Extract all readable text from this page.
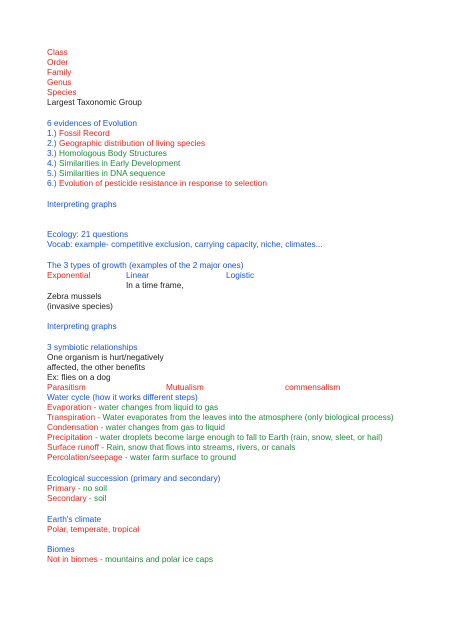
Class
Order
Family
Genus
Species
Largest Taxonomic Group
6 evidences of Evolution
1.) Fossil Record
2.) Geographic distribution of living species
3.) Homologous Body Structures
4.) Similarities in Early Development
5.) Similarities in DNA sequence
6.) Evolution of pesticide resistance in response to selection
Interpreting graphs
Ecology: 21 questions
Vocab: example- competitive exclusion, carrying capacity, niche, climates...
The 3 types of growth (examples of the 2 major ones)
Exponential	Linear	Logistic
In a time frame,
Zebra mussels
(invasive species)
Interpreting graphs
3 symbiotic relationships
One organism is hurt/negatively
affected, the other benefits
Ex: flies on a dog
Parasitism	Mutualism	commensalism
Water cycle (how it works different steps)
Evaporation - water changes from liquid to gas
Transpiration - Water evaporates from the leaves into the atmosphere (only biological process)
Condensation - water changes from gas to liquid
Precipitation - water droplets become large enough to fall to Earth (rain, snow, sleet, or hail)
Surface runoff - Rain, snow that flows into streams, rivers, or canals
Percolation/seepage - water farm surface to ground
Ecological succession (primary and secondary)
Primary - no soil
Secondary - soil
Earth's climate
Polar, temperate, tropical
Biomes
Not in biomes - mountains and polar ice caps
